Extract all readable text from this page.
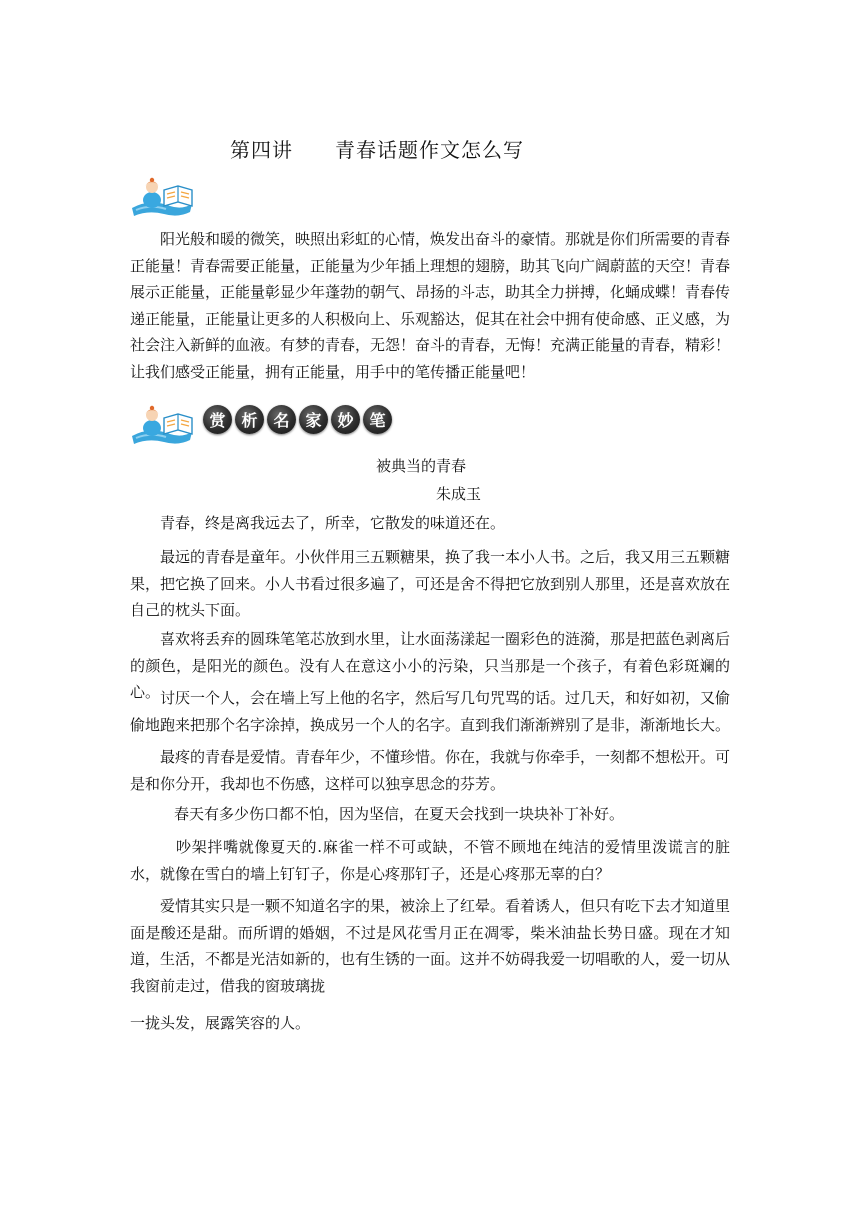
第四讲　　青春话题作文怎么写

阳光般和暖的微笑，映照出彩虹的心情，焕发出奋斗的豪情。那就是你们所需要的青春正能量！青春需要正能量，正能量为少年插上理想的翅膀，助其飞向广阔蔚蓝的天空！青春展示正能量，正能量彰显少年蓬勃的朝气、昂扬的斗志，助其全力拼搏，化蛹成蝶！青春传递正能量，正能量让更多的人积极向上、乐观豁达，促其在社会中拥有使命感、正义感，为社会注入新鲜的血液。有梦的青春，无怨！奋斗的青春，无悔！充满正能量的青春，精彩！让我们感受正能量，拥有正能量，用手中的笔传播正能量吧！

赏 析 名 家 妙 笔
被典当的青春
朱成玉

青春，终是离我远去了，所幸，它散发的味道还在。

最远的青春是童年。小伙伴用三五颗糖果，换了我一本小人书。之后，我又用三五颗糖果，把它换了回来。小人书看过很多遍了，可还是舍不得把它放到别人那里，还是喜欢放在自己的枕头下面。

喜欢将丢弃的圆珠笔笔芯放到水里，让水面荡漾起一圈彩色的涟漪，那是把蓝色剥离后的颜色，是阳光的颜色。没有人在意这小小的污染，只当那是一个孩子，有着色彩斑斓的心。 讨厌一个人，会在墙上写上他的名字，然后写几句咒骂的话。过几天，和好如初，又偷偷地跑来把那个名字涂掉，换成另一个人的名字。直到我们渐渐辨别了是非，渐渐地长大。

最疼的青春是爱情。青春年少，不懂珍惜。你在，我就与你牵手，一刻都不想松开。可是和你分开，我却也不伤感，这样可以独享思念的芬芳。

春天有多少伤口都不怕，因为坚信，在夏天会找到一块块补丁补好。

吵架拌嘴就像夏天的.麻雀一样不可或缺，不管不顾地在纯洁的爱情里泼谎言的脏水，就像在雪白的墙上钉钉子，你是心疼那钉子，还是心疼那无辜的白？

爱情其实只是一颗不知道名字的果，被涂上了红晕。看着诱人，但只有吃下去才知道里面是酸还是甜。而所谓的婚姻，不过是风花雪月正在凋零，柴米油盐长势日盛。现在才知道，生活，不都是光洁如新的，也有生锈的一面。这并不妨碍我爱一切唱歌的人，爱一切从我窗前走过，借我的窗玻璃拢

一拢头发，展露笑容的人。
